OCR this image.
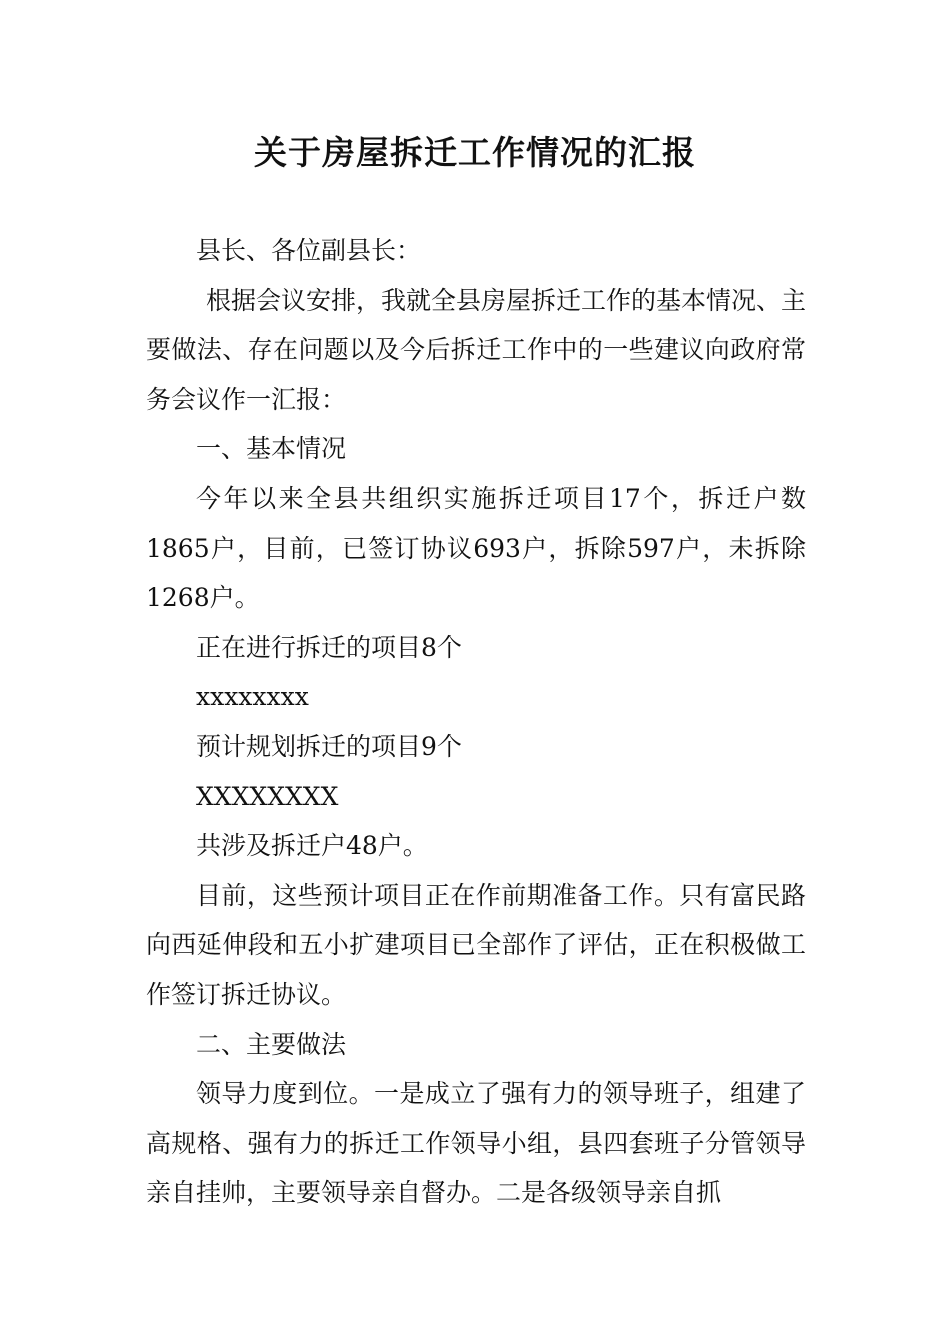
关于房屋拆迁工作情况的汇报

县长、各位副县长：

根据会议安排，我就全县房屋拆迁工作的基本情况、主要做法、存在问题以及今后拆迁工作中的一些建议向政府常务会议作一汇报：

一、基本情况

今年以来全县共组织实施拆迁项目17个，拆迁户数1865户，目前，已签订协议693户，拆除597户，未拆除1268户。

正在进行拆迁的项目8个

xxxxxxxx

预计规划拆迁的项目9个

XXXXXXXX

共涉及拆迁户48户。

目前，这些预计项目正在作前期准备工作。只有富民路向西延伸段和五小扩建项目已全部作了评估，正在积极做工作签订拆迁协议。

二、主要做法

领导力度到位。一是成立了强有力的领导班子，组建了高规格、强有力的拆迁工作领导小组，县四套班子分管领导亲自挂帅，主要领导亲自督办。二是各级领导亲自抓
